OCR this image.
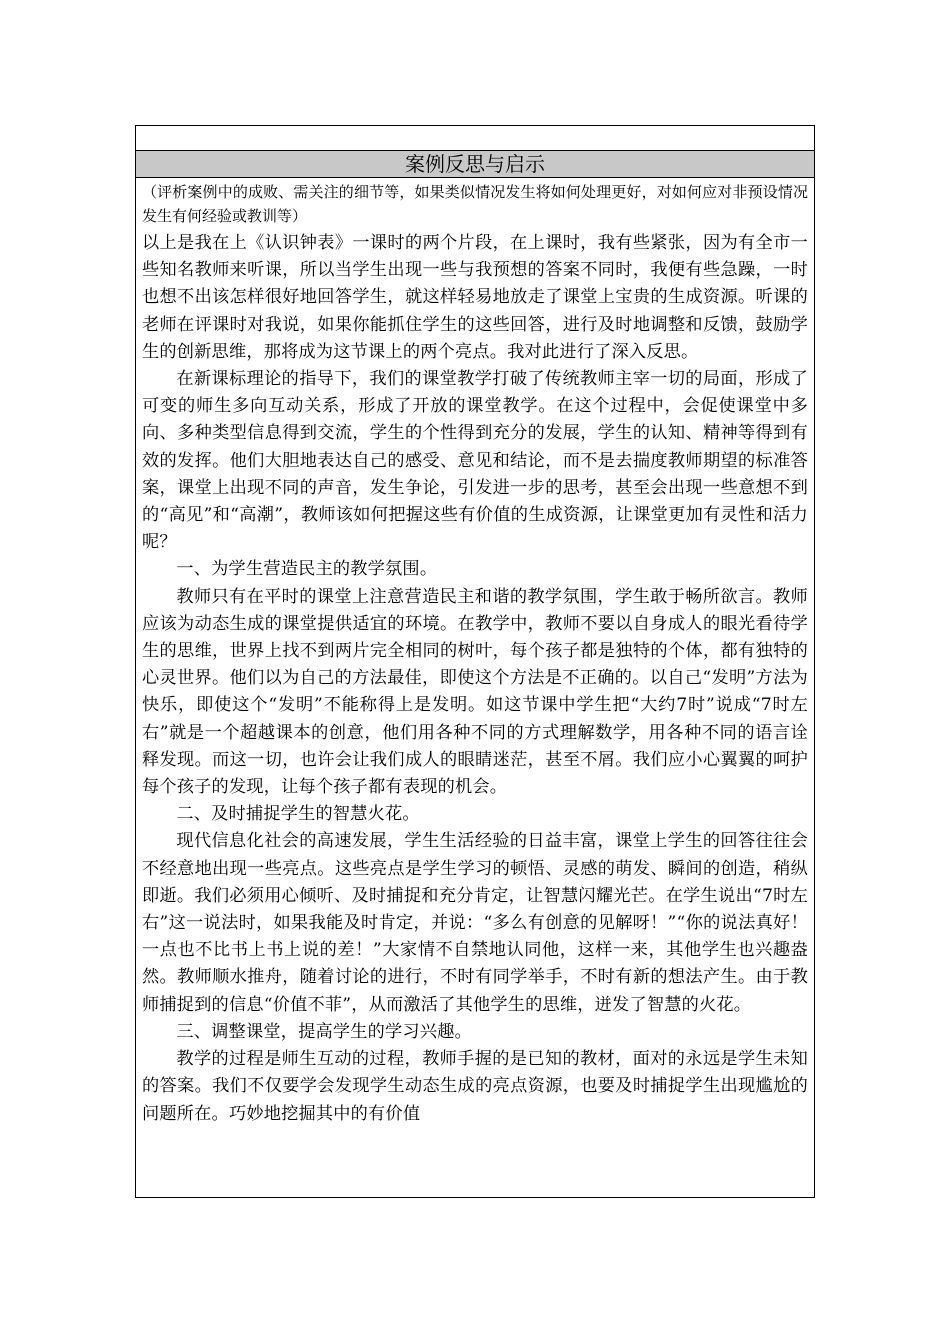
案例反思与启示

（评析案例中的成败、需关注的细节等，如果类似情况发生将如何处理更好，对如何应对非预设情况发生有何经验或教训等）

以上是我在上《认识钟表》一课时的两个片段，在上课时，我有些紧张，因为有全市一些知名教师来听课，所以当学生出现一些与我预想的答案不同时，我便有些急躁，一时也想不出该怎样很好地回答学生，就这样轻易地放走了课堂上宝贵的生成资源。听课的老师在评课时对我说，如果你能抓住学生的这些回答，进行及时地调整和反馈，鼓励学生的创新思维，那将成为这节课上的两个亮点。我对此进行了深入反思。

在新课标理论的指导下，我们的课堂教学打破了传统教师主宰一切的局面，形成了可变的师生多向互动关系，形成了开放的课堂教学。在这个过程中，会促使课堂中多向、多种类型信息得到交流，学生的个性得到充分的发展，学生的认知、精神等得到有效的发挥。他们大胆地表达自己的感受、意见和结论，而不是去揣度教师期望的标准答案，课堂上出现不同的声音，发生争论，引发进一步的思考，甚至会出现一些意想不到的“高见”和“高潮”，教师该如何把握这些有价值的生成资源，让课堂更加有灵性和活力呢？

一、为学生营造民主的教学氛围。

教师只有在平时的课堂上注意营造民主和谐的教学氛围，学生敢于畅所欲言。教师应该为动态生成的课堂提供适宜的环境。在教学中，教师不要以自身成人的眼光看待学生的思维，世界上找不到两片完全相同的树叶，每个孩子都是独特的个体，都有独特的心灵世界。他们以为自己的方法最佳，即使这个方法是不正确的。以自己“发明”方法为快乐，即使这个“发明”不能称得上是发明。如这节课中学生把“大约7时”说成“7时左右”就是一个超越课本的创意，他们用各种不同的方式理解数学，用各种不同的语言诠释发现。而这一切，也许会让我们成人的眼睛迷茫，甚至不屑。我们应小心翼翼的呵护每个孩子的发现，让每个孩子都有表现的机会。

二、及时捕捉学生的智慧火花。

现代信息化社会的高速发展，学生生活经验的日益丰富，课堂上学生的回答往往会不经意地出现一些亮点。这些亮点是学生学习的顿悟、灵感的萌发、瞬间的创造，稍纵即逝。我们必须用心倾听、及时捕捉和充分肯定，让智慧闪耀光芒。在学生说出“7时左右”这一说法时，如果我能及时肯定，并说：“多么有创意的见解呀！”“你的说法真好！一点也不比书上书上说的差！”大家情不自禁地认同他，这样一来，其他学生也兴趣盎然。教师顺水推舟，随着讨论的进行，不时有同学举手，不时有新的想法产生。由于教师捕捉到的信息“价值不菲”，从而激活了其他学生的思维，迸发了智慧的火花。

三、调整课堂，提高学生的学习兴趣。

教学的过程是师生互动的过程，教师手握的是已知的教材，面对的永远是学生未知的答案。我们不仅要学会发现学生动态生成的亮点资源，也要及时捕捉学生出现尴尬的问题所在。巧妙地挖掘其中的有价值
